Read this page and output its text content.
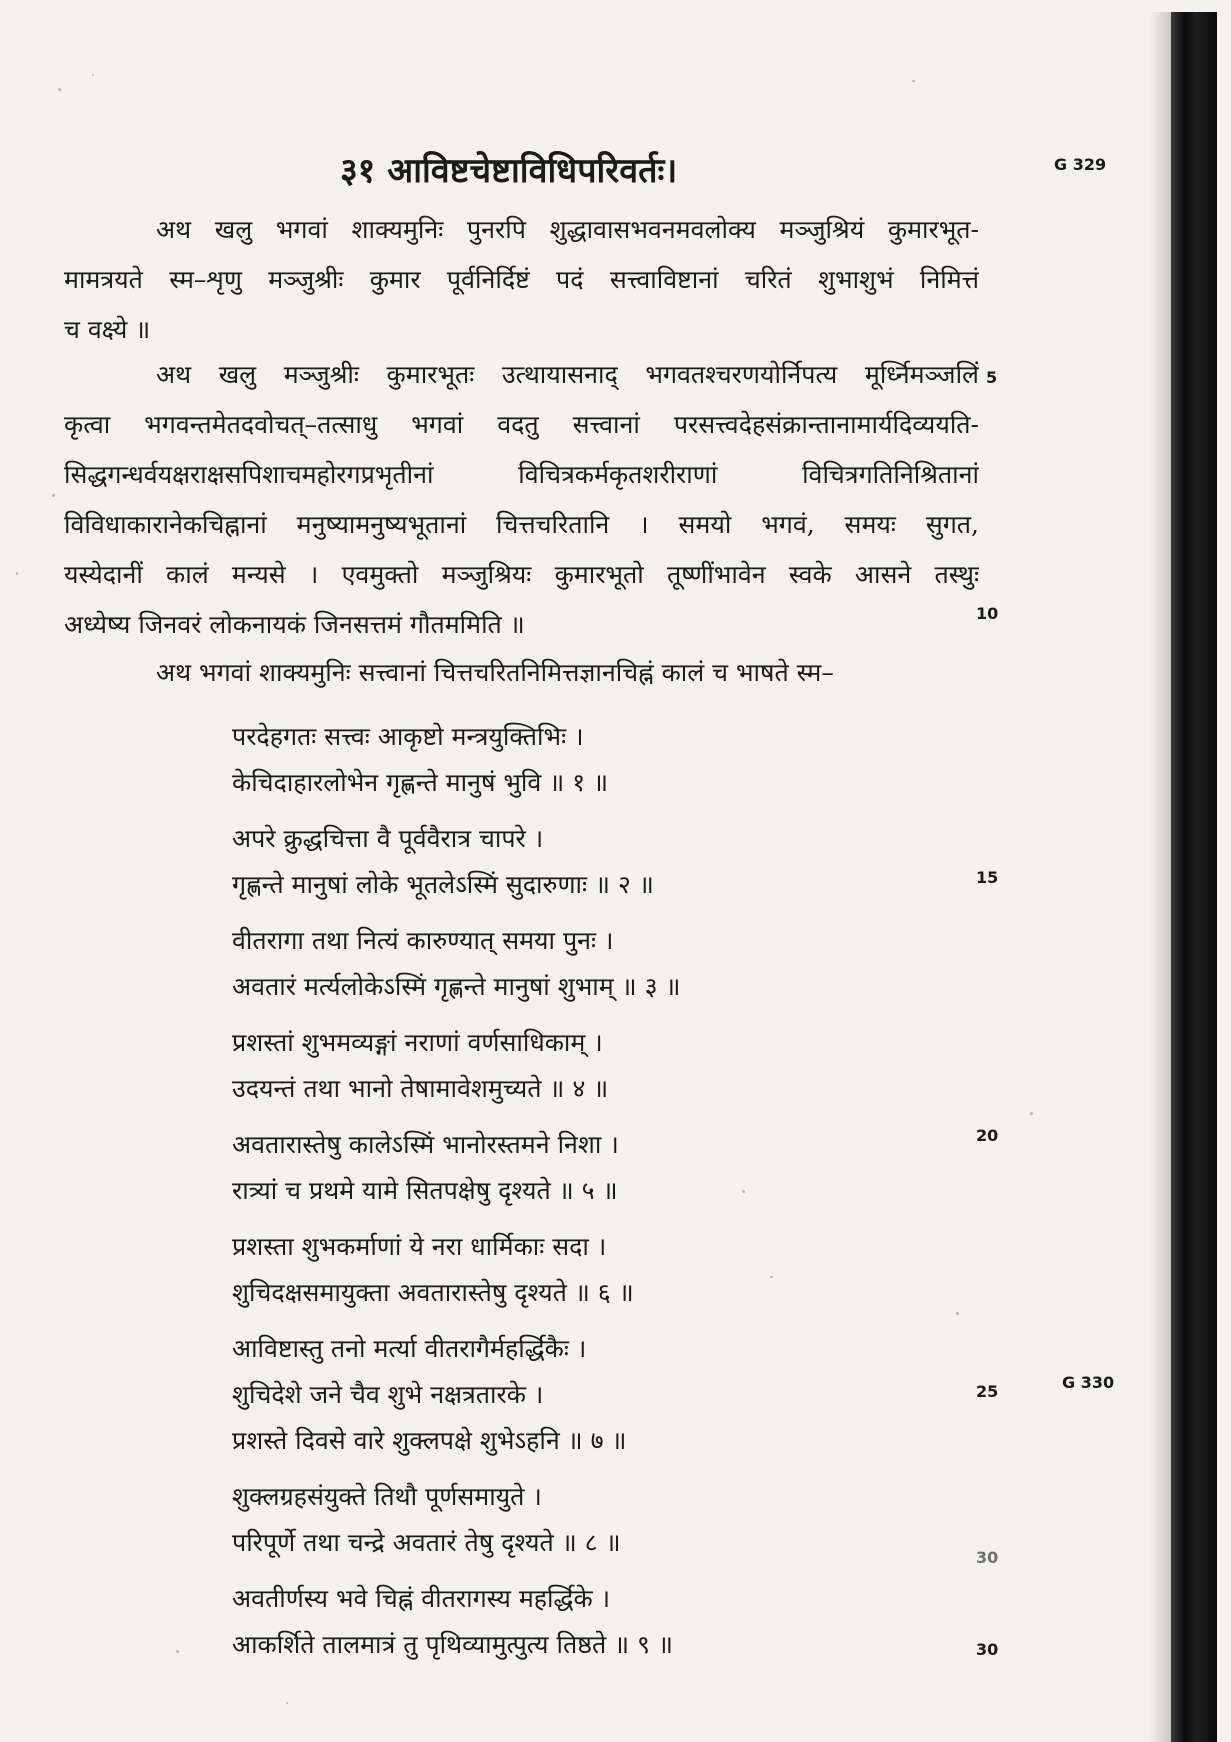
३१ आविष्टचेष्टाविधिपरिवर्तः।	G 329
G 330
अथ खलु भगवां शाक्यमुनिः पुनरपि शुद्धावासभवनमवलोक्य मञ्जुश्रियं कुमारभूत-
मामत्रयते स्म–शृणु मञ्जुश्रीः कुमार पूर्वनिर्दिष्टं पदं सत्त्वाविष्टानां चरितं शुभाशुभं निमित्तं
च वक्ष्ये ॥
अथ खलु मञ्जुश्रीः कुमारभूतः उत्थायासनाद् भगवतश्चरणयोर्निपत्य मूर्ध्निमञ्जलिं
कृत्वा भगवन्तमेतदवोचत्–तत्साधु भगवां वदतु सत्त्वानां परसत्त्वदेहसंक्रान्तानामार्यदिव्ययति-
सिद्धगन्धर्वयक्षराक्षसपिशाचमहोरगप्रभृतीनां विचित्रकर्मकृतशरीराणां विचित्रगतिनिश्रितानां
विविधाकारानेकचिह्नानां मनुष्यामनुष्यभूतानां चित्तचरितानि । समयो भगवं, समयः सुगत,
यस्येदानीं कालं मन्यसे । एवमुक्तो मञ्जुश्रियः कुमारभूतो तूष्णींभावेन स्वके आसने तस्थुः
अध्येष्य जिनवरं लोकनायकं जिनसत्तमं गौतममिति ॥
अथ भगवां शाक्यमुनिः सत्त्वानां चित्तचरितनिमित्तज्ञानचिह्नं कालं च भाषते स्म–
परदेहगतः सत्त्वः आकृष्टो मन्त्रयुक्तिभिः ।
केचिदाहारलोभेन गृह्णन्ते मानुषं भुवि ॥ १ ॥
अपरे क्रुद्धचित्ता वै पूर्ववैरात्र चापरे ।
गृह्णन्ते मानुषां लोके भूतलेऽस्मिं सुदारुणाः ॥ २ ॥
वीतरागा तथा नित्यं कारुण्यात् समया पुनः ।
अवतारं मर्त्यलोकेऽस्मिं गृह्णन्ते मानुषां शुभाम् ॥ ३ ॥
प्रशस्तां शुभमव्यङ्गां नराणां वर्णसाधिकाम् ।
उदयन्तं तथा भानो तेषामावेशमुच्यते ॥ ४ ॥
अवतारास्तेषु कालेऽस्मिं भानोरस्तमने निशा ।
रात्र्यां च प्रथमे यामे सितपक्षेषु दृश्यते ॥ ५ ॥
प्रशस्ता शुभकर्माणां ये नरा धार्मिकाः सदा ।
शुचिदक्षसमायुक्ता अवतारास्तेषु दृश्यते ॥ ६ ॥
आविष्टास्तु तनो मर्त्या वीतरागैर्महर्द्धिकैः ।
शुचिदेशे जने चैव शुभे नक्षत्रतारके ।
प्रशस्ते दिवसे वारे शुक्लपक्षे शुभेऽहनि ॥ ७ ॥
शुक्लग्रहसंयुक्ते तिथौ पूर्णसमायुते ।
परिपूर्णे तथा चन्द्रे अवतारं तेषु दृश्यते ॥ ८ ॥
अवतीर्णस्य भवे चिह्नं वीतरागस्य महर्द्धिके ।
आकर्शिते तालमात्रं तु पृथिव्यामुत्पुत्य तिष्ठते ॥ ९ ॥
5
10
15
20
25
30
30
